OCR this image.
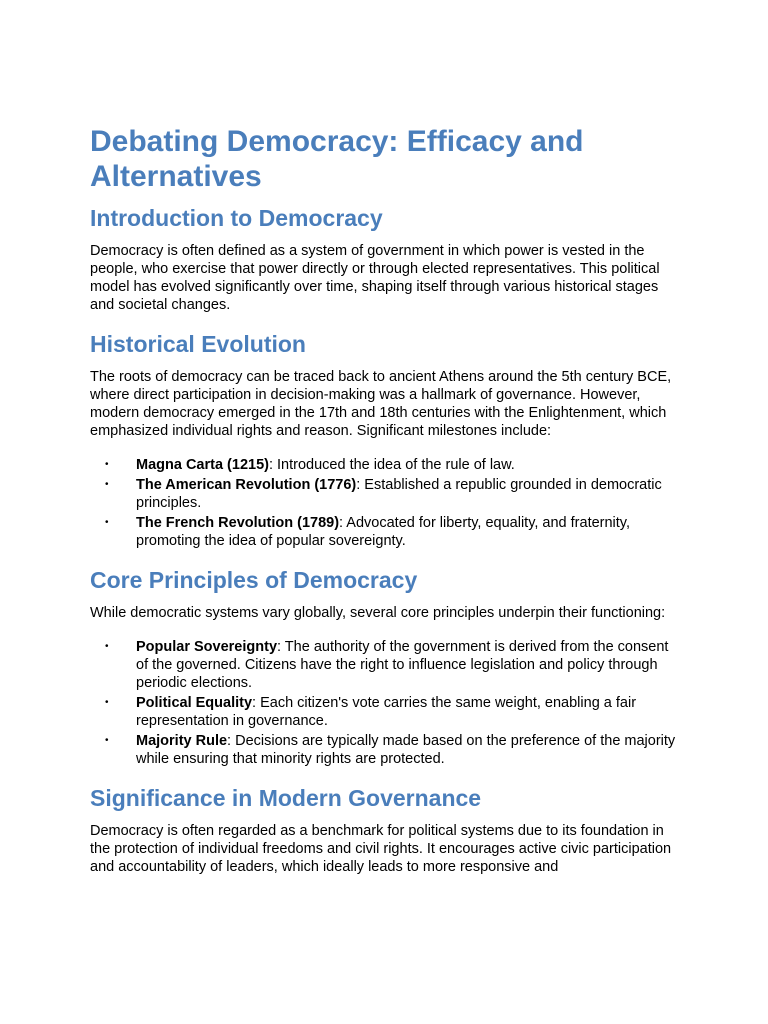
Debating Democracy: Efficacy and Alternatives
Introduction to Democracy

Democracy is often defined as a system of government in which power is vested in the people, who exercise that power directly or through elected representatives. This political model has evolved significantly over time, shaping itself through various historical stages and societal changes.

Historical Evolution

The roots of democracy can be traced back to ancient Athens around the 5th century BCE, where direct participation in decision-making was a hallmark of governance. However, modern democracy emerged in the 17th and 18th centuries with the Enlightenment, which emphasized individual rights and reason. Significant milestones include:

• Magna Carta (1215): Introduced the idea of the rule of law.
• The American Revolution (1776): Established a republic grounded in democratic principles.
• The French Revolution (1789): Advocated for liberty, equality, and fraternity, promoting the idea of popular sovereignty.
Core Principles of Democracy

While democratic systems vary globally, several core principles underpin their functioning:

• Popular Sovereignty: The authority of the government is derived from the consent of the governed. Citizens have the right to influence legislation and policy through periodic elections.
• Political Equality: Each citizen's vote carries the same weight, enabling a fair representation in governance.
• Majority Rule: Decisions are typically made based on the preference of the majority while ensuring that minority rights are protected.
Significance in Modern Governance

Democracy is often regarded as a benchmark for political systems due to its foundation in the protection of individual freedoms and civil rights. It encourages active civic participation and accountability of leaders, which ideally leads to more responsive and
